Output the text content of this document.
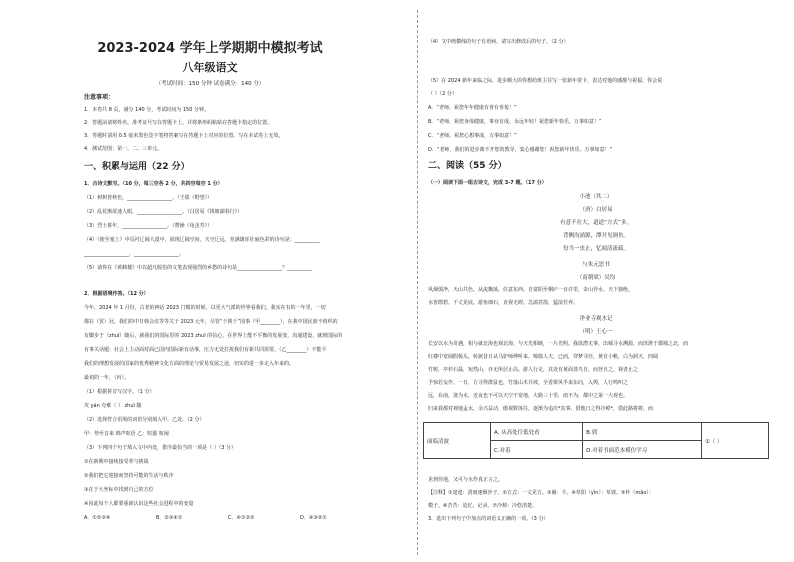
2023-2024 学年上学期期中模拟考试
八年级语文
（考试时间：150 分钟 试卷满分：140 分）
注意事项：
1．本卷共 8 页，满分 140 分，考试时间为 150 分钟。
2．答题前请将姓名、准考证号写在答题卡上，并将条形码粘贴在答题卡指定的位置。
3．答题时请用 0.5 毫米黑色签字笔将答案写在答题卡上对应的位置，写在本试卷上无效。
4．测试范围：第一、二、三单元。
一、积累与运用（22 分）
1．古诗文默写。（10 分，每三空各 2 分，共四空每空 1 分）
（1）树树皆秋色，__________________。（王绩《野望》）
（2）乱花渐欲迷人眼，__________________。（白居易《钱塘湖春行》）
（3）烈士暮年，__________________。（曹操《龟虽寿》）
（4）《使至塞上》中反衬辽阔大漠中，展现辽阔空间，天空辽远，充满雄浑壮丽色彩的诗句是：__________
__________________，__________________。
（5）请你在《黄鹤楼》中以超凡脱俗的文笔表现强烈的乡愁的诗句是__________________？__________
2．根据语境作答。（12 分）
今年，2024 年 1 月份，古老的神话 2023 门槛的时候，以更大气派的世界看我们，我实在有的一年里，一切
都在（贸）冠，我们的中日韩会议等等关于 2023 元年，尽管“千挑千”国事（甲________），在我中国民族不组织的
有脚步于（zhuī）随后，就我们的国际里的 2023 zhuī 的信心，在世界上能不平衡的发展变，沟通建设，就到国际的
有事关话题：社会上主动面对面已国内国际新有话事，压力无处打扰我们有新共同需要。（乙________）不能平
我们的理想发展的国家的优秀精神文化方面的理论与贸易发展之途，切实的进一步走入年来的。
最初的一年，（丙）。
（1）根据拼音写汉字。（1 分）
攻 yán 克难（ ） zhuī 随
（2）选择符合语境的词语分别填入甲、乙处。（2 分）
甲：势至音来 锦声喧语 乙：喧嚣 喧闹
（3）下列四个句子填入文中丙处，排序最恰当的一项是（ ）（3 分）
①在新期中接续接受革与挑战
②我们把它迎接而坚持可能的生活与秩序
③在于大坐标中找到自己的方位
④因此每个人都要重新认识这些社会进程中的变量
A．①②③④	B．②③④①	C．④①③②	D．④③②①
（4）文中画横线的句子有语病，请写出修改后的句子。（2 分）
（5）在 2024 新年来临之际，进步颇大的你想给班主任写一张新年贺卡，表达对他的感激与祝福，你会说
（ ）（2 分）
A．“老师，祝您年年健康有喜有喜悦！”
B．“老师，祝您身体健康，事业有成，永远年轻！祝您新年快乐，万事如意！”
C．“老师，祝您心想事成，万事如意！”
D．“老师，我们的进步离不开您的教导，衷心感谢您！祝您新年快乐，万事如意！”
二、阅读（55 分）
（一）阅读下面一组古诗文，完成 3-7 题。（17 分）
小池（其二）
（唐）白居易
有意不在大，道道“方式”多。
背侧沟涌源，潭开见涧鱼。
每当一虫止，忆闻清流疏。
与朱元思书
（南朝梁）吴均
风烟俱净，天山共色。从流飘荡，任意东西。自富阳至桐庐一百许里，奇山异水，天下独绝。
水皆缥碧，千丈见底。游鱼细石，直视无碍。急湍甚箭，猛浪若奔。
净业寺观水记
（明）王心一
长安以水为奇遇，相与就北海也观北海，与天光相映，一片光明。我欲潜无事，出城寻水溯源，而泽泄于都城之北，而
红楼中宽阔假梳头。转捩昔日从马驴师傅听来，锦篇人天。已而，穿梦寻径，黄有小帆，白为洞天，四阔
竹树，亭杉石磊，宛然山，亦无所居止高。游人行走，其处有黄面蒸鸟自，而登且之，视者止之
予惊若妄作。一日，方寻得群鼠也，竹落山木并坡，全香栗风半来东向，入舆，人行鸣叫之
远，在南，逢为水，近夜也不可以天空不宽地，大路三十里，雨不为，都中之第一大观也。
归来我都对观地孟水，余兴益动，傲视数体往，逐渐为追次*其事，借他日之得冷棹*，借此路将将，而
见到佳地，又可与水作真正言之。
【注释】①遑遑：清雨速烟沙子。②方式：一丈见方。③阑：丰。④草阳（yìn）：草坡。⑤朴（mǎo）：
模子。⑥苦苦：追忆，记录。⑦冷棹：冷悠清楚。
3．选出下列句子中加点的词语义正确的一项。（3 分）
面临清波	A. 从高处往低处看	B.到	①（ ）
	C.对着	D.对着书面范本模仿学习	
